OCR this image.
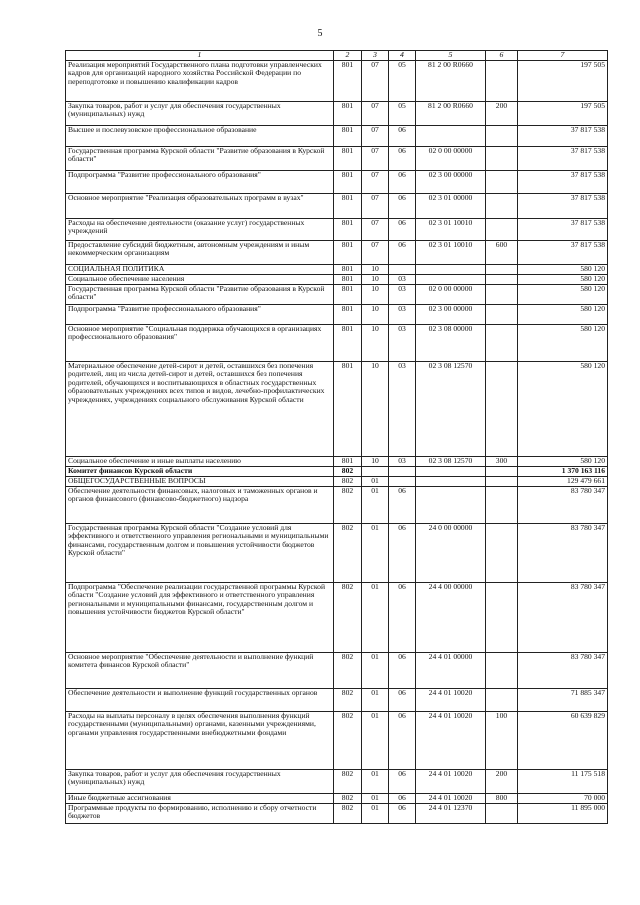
5
1	2	3	4	5	6	7
Реализация мероприятий Государственного плана подготовки управленческих кадров для организаций народного хозяйства Российской Федерации по переподготовке и повышению квалификации кадров	801	07	05	81 2 00 R0660		197 505
Закупка товаров, работ и услуг для обеспечения государственных (муниципальных) нужд	801	07	05	81 2 00 R0660	200	197 505
Высшее и послевузовское профессиональное образование	801	07	06			37 817 538
Государственная программа Курской области "Развитие образования в Курской области"	801	07	06	02 0 00 00000		37 817 538
Подпрограмма "Развитие профессионального образования"	801	07	06	02 3 00 00000		37 817 538
Основное мероприятие "Реализация образовательных программ в вузах"	801	07	06	02 3 01 00000		37 817 538
Расходы на обеспечение деятельности (оказание услуг) государственных учреждений	801	07	06	02 3 01 10010		37 817 538
Предоставление субсидий бюджетным, автономным учреждениям и иным некоммерческим организациям	801	07	06	02 3 01 10010	600	37 817 538
СОЦИАЛЬНАЯ ПОЛИТИКА	801	10				580 120
Социальное обеспечение населения	801	10	03			580 120
Государственная программа Курской области "Развитие образования в Курской области"	801	10	03	02 0 00 00000		580 120
Подпрограмма "Развитие профессионального образования"	801	10	03	02 3 00 00000		580 120
Основное мероприятие "Социальная поддержка обучающихся в организациях профессионального образования"	801	10	03	02 3 08 00000		580 120
Материальное обеспечение детей-сирот и детей, оставшихся без попечения родителей, лиц из числа детей-сирот и детей, оставшихся без попечения родителей, обучающихся и воспитывающихся в областных государственных образовательных учреждениях всех типов и видов, лечебно-профилактических учреждениях, учреждениях социального обслуживания Курской области	801	10	03	02 3 08 12570		580 120
Социальное обеспечение и иные выплаты населению	801	10	03	02 3 08 12570	300	580 120
Комитет финансов Курской области	802					1 370 163 116
ОБЩЕГОСУДАРСТВЕННЫЕ ВОПРОСЫ	802	01				129 479 661
Обеспечение деятельности финансовых, налоговых и таможенных органов и органов финансового (финансово-бюджетного) надзора	802	01	06			83 780 347
Государственная программа Курской области "Создание условий для эффективного и ответственного управления региональными и муниципальными финансами, государственным долгом и повышения устойчивости бюджетов Курской области"	802	01	06	24 0 00 00000		83 780 347
Подпрограмма "Обеспечение реализации государственной программы Курской области "Создание условий для эффективного и ответственного управления региональными и муниципальными финансами, государственным долгом и повышения устойчивости бюджетов Курской области"	802	01	06	24 4 00 00000		83 780 347
Основное мероприятие "Обеспечение деятельности и выполнение функций комитета финансов Курской области"	802	01	06	24 4 01 00000		83 780 347
Обеспечение деятельности и выполнение функций государственных органов	802	01	06	24 4 01 10020		71 885 347
Расходы на выплаты персоналу в целях обеспечения выполнения функций государственными (муниципальными) органами, казенными учреждениями, органами управления государственными внебюджетными фондами	802	01	06	24 4 01 10020	100	60 639 829
Закупка товаров, работ и услуг для обеспечения государственных (муниципальных) нужд	802	01	06	24 4 01 10020	200	11 175 518
Иные бюджетные ассигнования	802	01	06	24 4 01 10020	800	70 000
Программные продукты по формированию, исполнению и сбору отчетности бюджетов	802	01	06	24 4 01 12370		11 895 000
